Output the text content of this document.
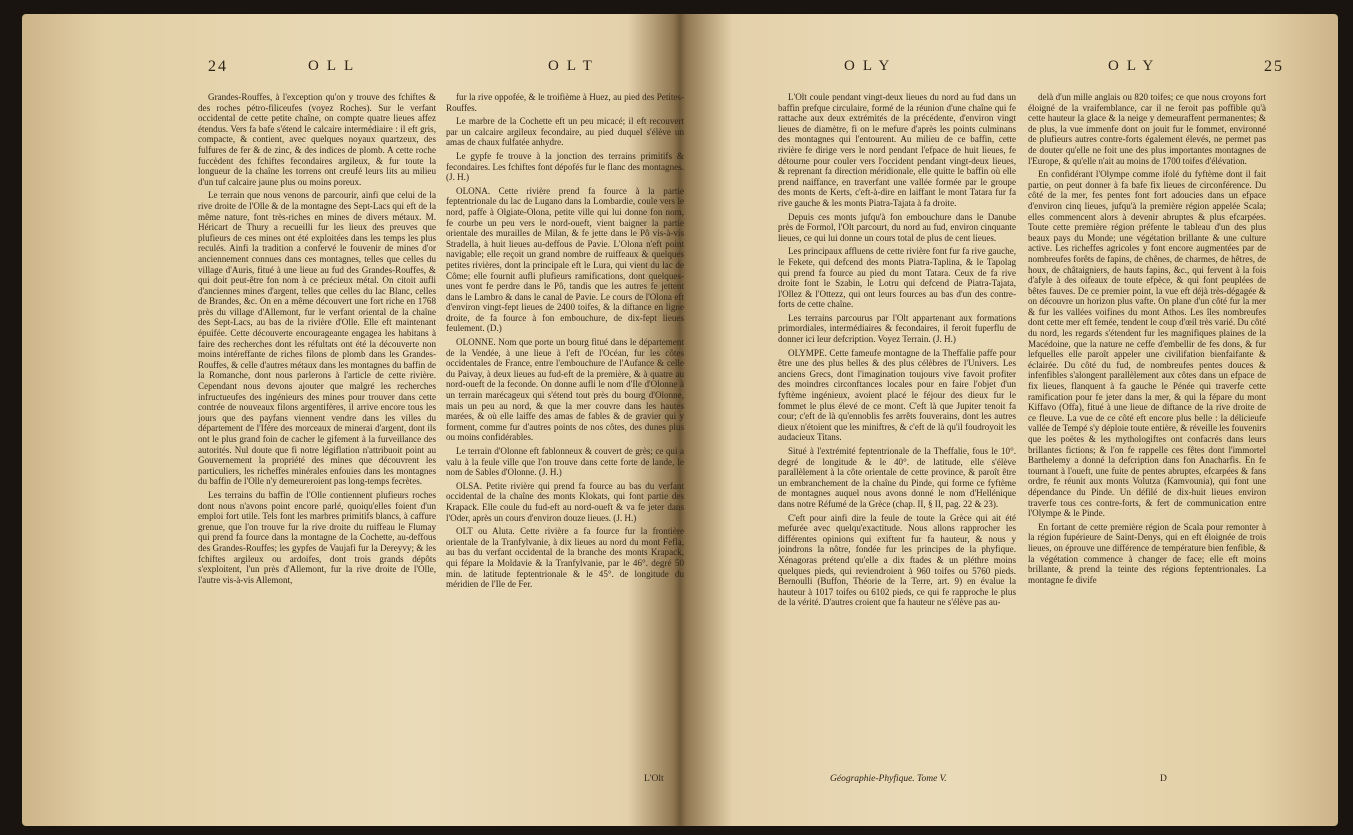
24	OLL	OLT

Grandes-Rouffes, à l'exception qu'on y trouve des fchiftes & des roches pétro-filiceufes (voyez Roches). Sur le verfant occidental de cette petite chaîne, on compte quatre lieues affez étendus. Vers fa bafe s'étend le calcaire intermédiaire : il eft gris, compacte, & contient, avec quelques noyaux quartzeux, des fulfures de fer & de zinc, & des indices de plomb. A cette roche fuccèdent des fchiftes fecondaires argileux, & fur toute la longueur de la chaîne les torrens ont creufé leurs lits au milieu d'un tuf calcaire jaune plus ou moins poreux.

Le terrain que nous venons de parcourir, ainfi que celui de la rive droite de l'Olle & de la montagne des Sept-Lacs qui eft de la même nature, font très-riches en mines de divers métaux. M. Héricart de Thury a recueilli fur les lieux des preuves que plufieurs de ces mines ont été exploitées dans les temps les plus reculés. Ainfi la tradition a confervé le fouvenir de mines d'or anciennement connues dans ces montagnes, telles que celles du village d'Auris, fitué à une lieue au fud des Grandes-Rouffes, & qui doit peut-être fon nom à ce précieux métal. On citoit aufli d'anciennes mines d'argent, telles que celles du lac Blanc, celles de Brandes, &c. On en a même découvert une fort riche en 1768 près du village d'Allemont, fur le verfant oriental de la chaîne des Sept-Lacs, au bas de la rivière d'Olle. Elle eft maintenant épuifée. Cette découverte encourageante engagea les habitans à faire des recherches dont les réfultats ont été la découverte non moins intéreffante de riches filons de plomb dans les Grandes-Rouffes, & celle d'autres métaux dans les montagnes du baffin de la Romanche, dont nous parlerons à l'article de cette rivière. Cependant nous devons ajouter que malgré les recherches infructueufes des ingénieurs des mines pour trouver dans cette contrée de nouveaux filons argentifères, il arrive encore tous les jours que des payfans viennent vendre dans les villes du département de l'Ifère des morceaux de minerai d'argent, dont ils ont le plus grand foin de cacher le gifement à la furveillance des autorités. Nul doute que fi notre légiflation n'attribuoit point au Gouvernement la propriété des mines que découvrent les particuliers, les richeffes minérales enfouies dans les montagnes du baffin de l'Olle n'y demeureroient pas long-temps fecrètes.

Les terrains du baffin de l'Olle contiennent plufieurs roches dont nous n'avons point encore parlé, quoiqu'elles foient d'un emploi fort utile. Tels font les marbres primitifs blancs, à caffure grenue, que l'on trouve fur la rive droite du ruiffeau le Flumay qui prend fa fource dans la montagne de la Cochette, au-deffous des Grandes-Rouffes; les gypfes de Vaujafi fur la Dereyvy; & les fchiftes argileux ou ardoifes, dont trois grands dépôts s'exploitent, l'un près d'Allemont, fur la rive droite de l'Olle, l'autre vis-à-vis Allemont,

fur la rive oppofée, & le troifième à Huez, au pied des Petites-Rouffes.

Le marbre de la Cochette eft un peu micacé; il eft recouvert par un calcaire argileux fecondaire, au pied duquel s'élève un amas de chaux fulfatée anhydre.

Le gypfe fe trouve à la jonction des terrains primitifs & fecondaires. Les fchiftes font dépofés fur le flanc des montagnes. (J. H.)

OLONA. Cette rivière prend fa fource à la partie feptentrionale du lac de Lugano dans la Lombardie, coule vers le nord, paffe à Olgiate-Olona, petite ville qui lui donne fon nom, fe courbe un peu vers le nord-oueft, vient baigner la partie orientale des murailles de Milan, & fe jette dans le Pô vis-à-vis Stradella, à huit lieues au-deffous de Pavie. L'Olona n'eft point navigable; elle reçoit un grand nombre de ruiffeaux & quelques petites rivières, dont la principale eft le Lura, qui vient du lac de Côme; elle fournit aufli plufieurs ramifications, dont quelques-unes vont fe perdre dans le Pô, tandis que les autres fe jettent dans le Lambro & dans le canal de Pavie. Le cours de l'Olona eft d'environ vingt-fept lieues de 2400 toifes, & la diftance en ligne droite, de fa fource à fon embouchure, de dix-fept lieues feulement. (D.)

OLONNE. Nom que porte un bourg fitué dans le département de la Vendée, à une lieue à l'eft de l'Océan, fur les côtes occidentales de France, entre l'embouchure de l'Aufance & celle du Paivay, à deux lieues au fud-eft de la première, & à quatre au nord-oueft de la feconde. On donne aufli le nom d'Ile d'Olonne à un terrain marécageux qui s'étend tout près du bourg d'Olonne, mais un peu au nord, & que la mer couvre dans les hautes marées, & où elle laiffe des amas de fables & de gravier qui y forment, comme fur d'autres points de nos côtes, des dunes plus ou moins confidérables.

Le terrain d'Olonne eft fablonneux & couvert de grès; ce qui a valu à la feule ville que l'on trouve dans cette forte de lande, le nom de Sables d'Olonne. (J. H.)

OLSA. Petite rivière qui prend fa fource au bas du verfant occidental de la chaîne des monts Klokats, qui font partie des Krapack. Elle coule du fud-eft au nord-oueft & va fe jeter dans l'Oder, après un cours d'environ douze lieues. (J. H.)

OLT ou Aluta. Cette rivière a fa fource fur la frontière orientale de la Tranfylvanie, à dix lieues au nord du mont Fefla, au bas du verfant occidental de la branche des monts Krapack, qui fépare la Moldavie & la Tranfylvanie, par le 46°. degré 50 min. de latitude feptentrionale & le 45°. de longitude du méridien de l'Ile de Fer.

L'Olt
OLY	OLY	25

L'Olt coule pendant vingt-deux lieues du nord au fud dans un baffin prefque circulaire, formé de la réunion d'une chaîne qui fe rattache aux deux extrémités de la précédente, d'environ vingt lieues de diamètre, fi on le mefure d'après les points culminans des montagnes qui l'entourent. Au milieu de ce baffin, cette rivière fe dirige vers le nord pendant l'efpace de huit lieues, fe détourne pour couler vers l'occident pendant vingt-deux lieues, & reprenant fa direction méridionale, elle quitte le baffin où elle prend naiffance, en traverfant une vallée formée par le groupe des monts de Kerts, c'eft-à-dire en laiffant le mont Tatara fur fa rive gauche & les monts Piatra-Tajata à fa droite.

Depuis ces monts jufqu'à fon embouchure dans le Danube près de Formol, l'Olt parcourt, du nord au fud, environ cinquante lieues, ce qui lui donne un cours total de plus de cent lieues.

Les principaux affluens de cette rivière font fur fa rive gauche, le Fekete, qui defcend des monts Piatra-Taplina, & le Tapolag qui prend fa fource au pied du mont Tatara. Ceux de fa rive droite font le Szabin, le Lotru qui defcend de Piatra-Tajata, l'Ollez & l'Ottezz, qui ont leurs fources au bas d'un des contre-forts de cette chaîne.

Les terrains parcourus par l'Olt appartenant aux formations primordiales, intermédiaires & fecondaires, il feroit fuperflu de donner ici leur defcription. Voyez Terrain. (J. H.)

OLYMPE. Cette fameufe montagne de la Theffalie paffe pour être une des plus belles & des plus célèbres de l'Univers. Les anciens Grecs, dont l'imagination toujours vive favoit profiter des moindres circonftances locales pour en faire l'objet d'un fyftème ingénieux, avoient placé le féjour des dieux fur le fommet le plus élevé de ce mont. C'eft là que Jupiter tenoit fa cour; c'eft de là qu'ennoblis fes arrêts fouverains, dont les autres dieux n'étoient que les miniftres, & c'eft de là qu'il foudroyoit les audacieux Titans.

Situé à l'extrémité feptentrionale de la Theffalie, fous le 10°. degré de longitude & le 40°. de latitude, elle s'élève parallèlement à la côte orientale de cette province, & paroît être un embranchement de la chaîne du Pinde, qui forme ce fyftème de montagnes auquel nous avons donné le nom d'Hellénique dans notre Réfumé de la Grèce (chap. II, § II, pag. 22 & 23).

C'eft pour ainfi dire la feule de toute la Grèce qui ait été mefurée avec quelqu'exactitude. Nous allons rapprocher les différentes opinions qui exiftent fur fa hauteur, & nous y joindrons la nôtre, fondée fur les principes de la phyfique. Xénagoras prétend qu'elle a dix ftades & un pléthre moins quelques pieds, qui reviendroient à 960 toifes ou 5760 pieds. Bernoulli (Buffon, Théorie de la Terre, art. 9) en évalue la hauteur à 1017 toifes ou 6102 pieds, ce qui fe rapproche le plus de la vérité. D'autres croient que fa hauteur ne s'élève pas au-

delà d'un mille anglais ou 820 toifes; ce que nous croyons fort éloigné de la vraifemblance, car il ne feroit pas poffible qu'à cette hauteur la glace & la neige y demeuraffent permanentes; & de plus, la vue immenfe dont on jouit fur le fommet, environné de plufieurs autres contre-forts également élevés, ne permet pas de douter qu'elle ne foit une des plus importantes montagnes de l'Europe, & qu'elle n'ait au moins de 1700 toifes d'élévation.

En confidérant l'Olympe comme ifolé du fyftème dont il fait partie, on peut donner à fa bafe fix lieues de circonférence. Du côté de la mer, fes pentes font fort adoucies dans un efpace d'environ cinq lieues, jufqu'à la première région appelée Scala; elles commencent alors à devenir abruptes & plus efcarpées. Toute cette première région préfente le tableau d'un des plus beaux pays du Monde; une végétation brillante & une culture active. Les richeffes agricoles y font encore augmentées par de nombreufes forêts de fapins, de chênes, de charmes, de hêtres, de houx, de châtaigniers, de hauts fapins, &c., qui fervent à la fois d'afyle à des oifeaux de toute efpèce, & qui font peuplées de bêtes fauves. De ce premier point, la vue eft déjà très-dégagée & on découvre un horizon plus vafte. On plane d'un côté fur la mer & fur les vallées voifines du mont Athos. Les îles nombreufes dont cette mer eft femée, tendent le coup d'œil très varié. Du côté du nord, les regards s'étendent fur les magnifiques plaines de la Macédoine, que la nature ne ceffe d'embellir de fes dons, & fur lefquelles elle paroît appeler une civilifation bienfaifante & éclairée. Du côté du fud, de nombreufes pentes douces & infenfibles s'alongent parallèlement aux côtes dans un efpace de fix lieues, flanquent à fa gauche le Pénée qui traverfe cette ramification pour fe jeter dans la mer, & qui la fépare du mont Kiffavo (Offa), fitué à une lieue de diftance de la rive droite de ce fleuve. La vue de ce côté eft encore plus belle : la délicieufe vallée de Tempé s'y déploie toute entière, & réveille les fouvenirs que les poëtes & les mythologiftes ont confacrés dans leurs brillantes fictions; & l'on fe rappelle ces fêtes dont l'immortel Barthelemy a donné la defcription dans fon Anacharfis. En fe tournant à l'oueft, une fuite de pentes abruptes, efcarpées & fans ordre, fe réunit aux monts Volutza (Kamvounia), qui font une dépendance du Pinde. Un défilé de dix-huit lieues environ traverfe tous ces contre-forts, & fert de communication entre l'Olympe & le Pinde.

En fortant de cette première région de Scala pour remonter à la région fupérieure de Saint-Denys, qui en eft éloignée de trois lieues, on éprouve une différence de température bien fenfible, & la végétation commence à changer de face; elle eft moins brillante, & prend la teinte des régions feptentrionales. La montagne fe divife

Géographie-Phyfique. Tome V.	D
